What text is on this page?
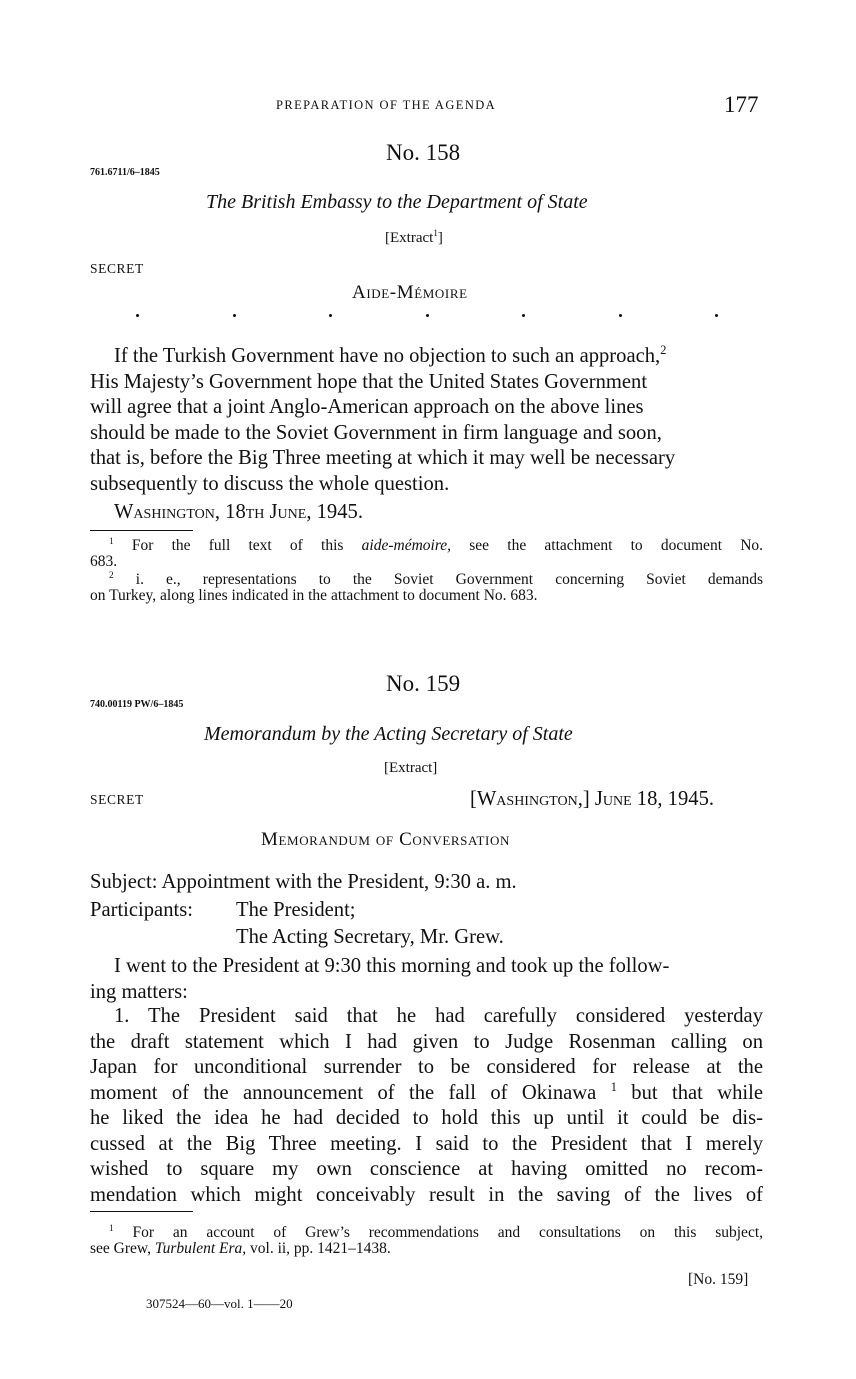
PREPARATION OF THE AGENDA	177
No. 158
761.6711/6–1845
The British Embassy to the Department of State
[Extract$^1$]
SECRET
Aide-Mémoire
If the Turkish Government have no objection to such an approach,$^2$
His Majesty’s Government hope that the United States Government
will agree that a joint Anglo-American approach on the above lines
should be made to the Soviet Government in firm language and soon,
that is, before the Big Three meeting at which it may well be necessary
subsequently to discuss the whole question.
Washington, 18th June, 1945.
$^1$ For the full text of this aide-mémoire, see the attachment to document No.
683.
$^2$ i. e., representations to the Soviet Government concerning Soviet demands
on Turkey, along lines indicated in the attachment to document No. 683.
No. 159
740.00119 PW/6–1845
Memorandum by the Acting Secretary of State
[Extract]
SECRET	[Washington,] June 18, 1945.
Memorandum of Conversation
Subject: Appointment with the President, 9:30 a. m.
Participants: The President;
The Acting Secretary, Mr. Grew.
I went to the President at 9:30 this morning and took up the follow-
ing matters:
1. The President said that he had carefully considered yesterday
the draft statement which I had given to Judge Rosenman calling on
Japan for unconditional surrender to be considered for release at the
moment of the announcement of the fall of Okinawa $^1$ but that while
he liked the idea he had decided to hold this up until it could be dis-
cussed at the Big Three meeting. I said to the President that I merely
wished to square my own conscience at having omitted no recom-
mendation which might conceivably result in the saving of the lives of
$^1$ For an account of Grew’s recommendations and consultations on this subject,
see Grew, Turbulent Era, vol. ii, pp. 1421–1438.
[No. 159]
307524—60—vol. 1——20
